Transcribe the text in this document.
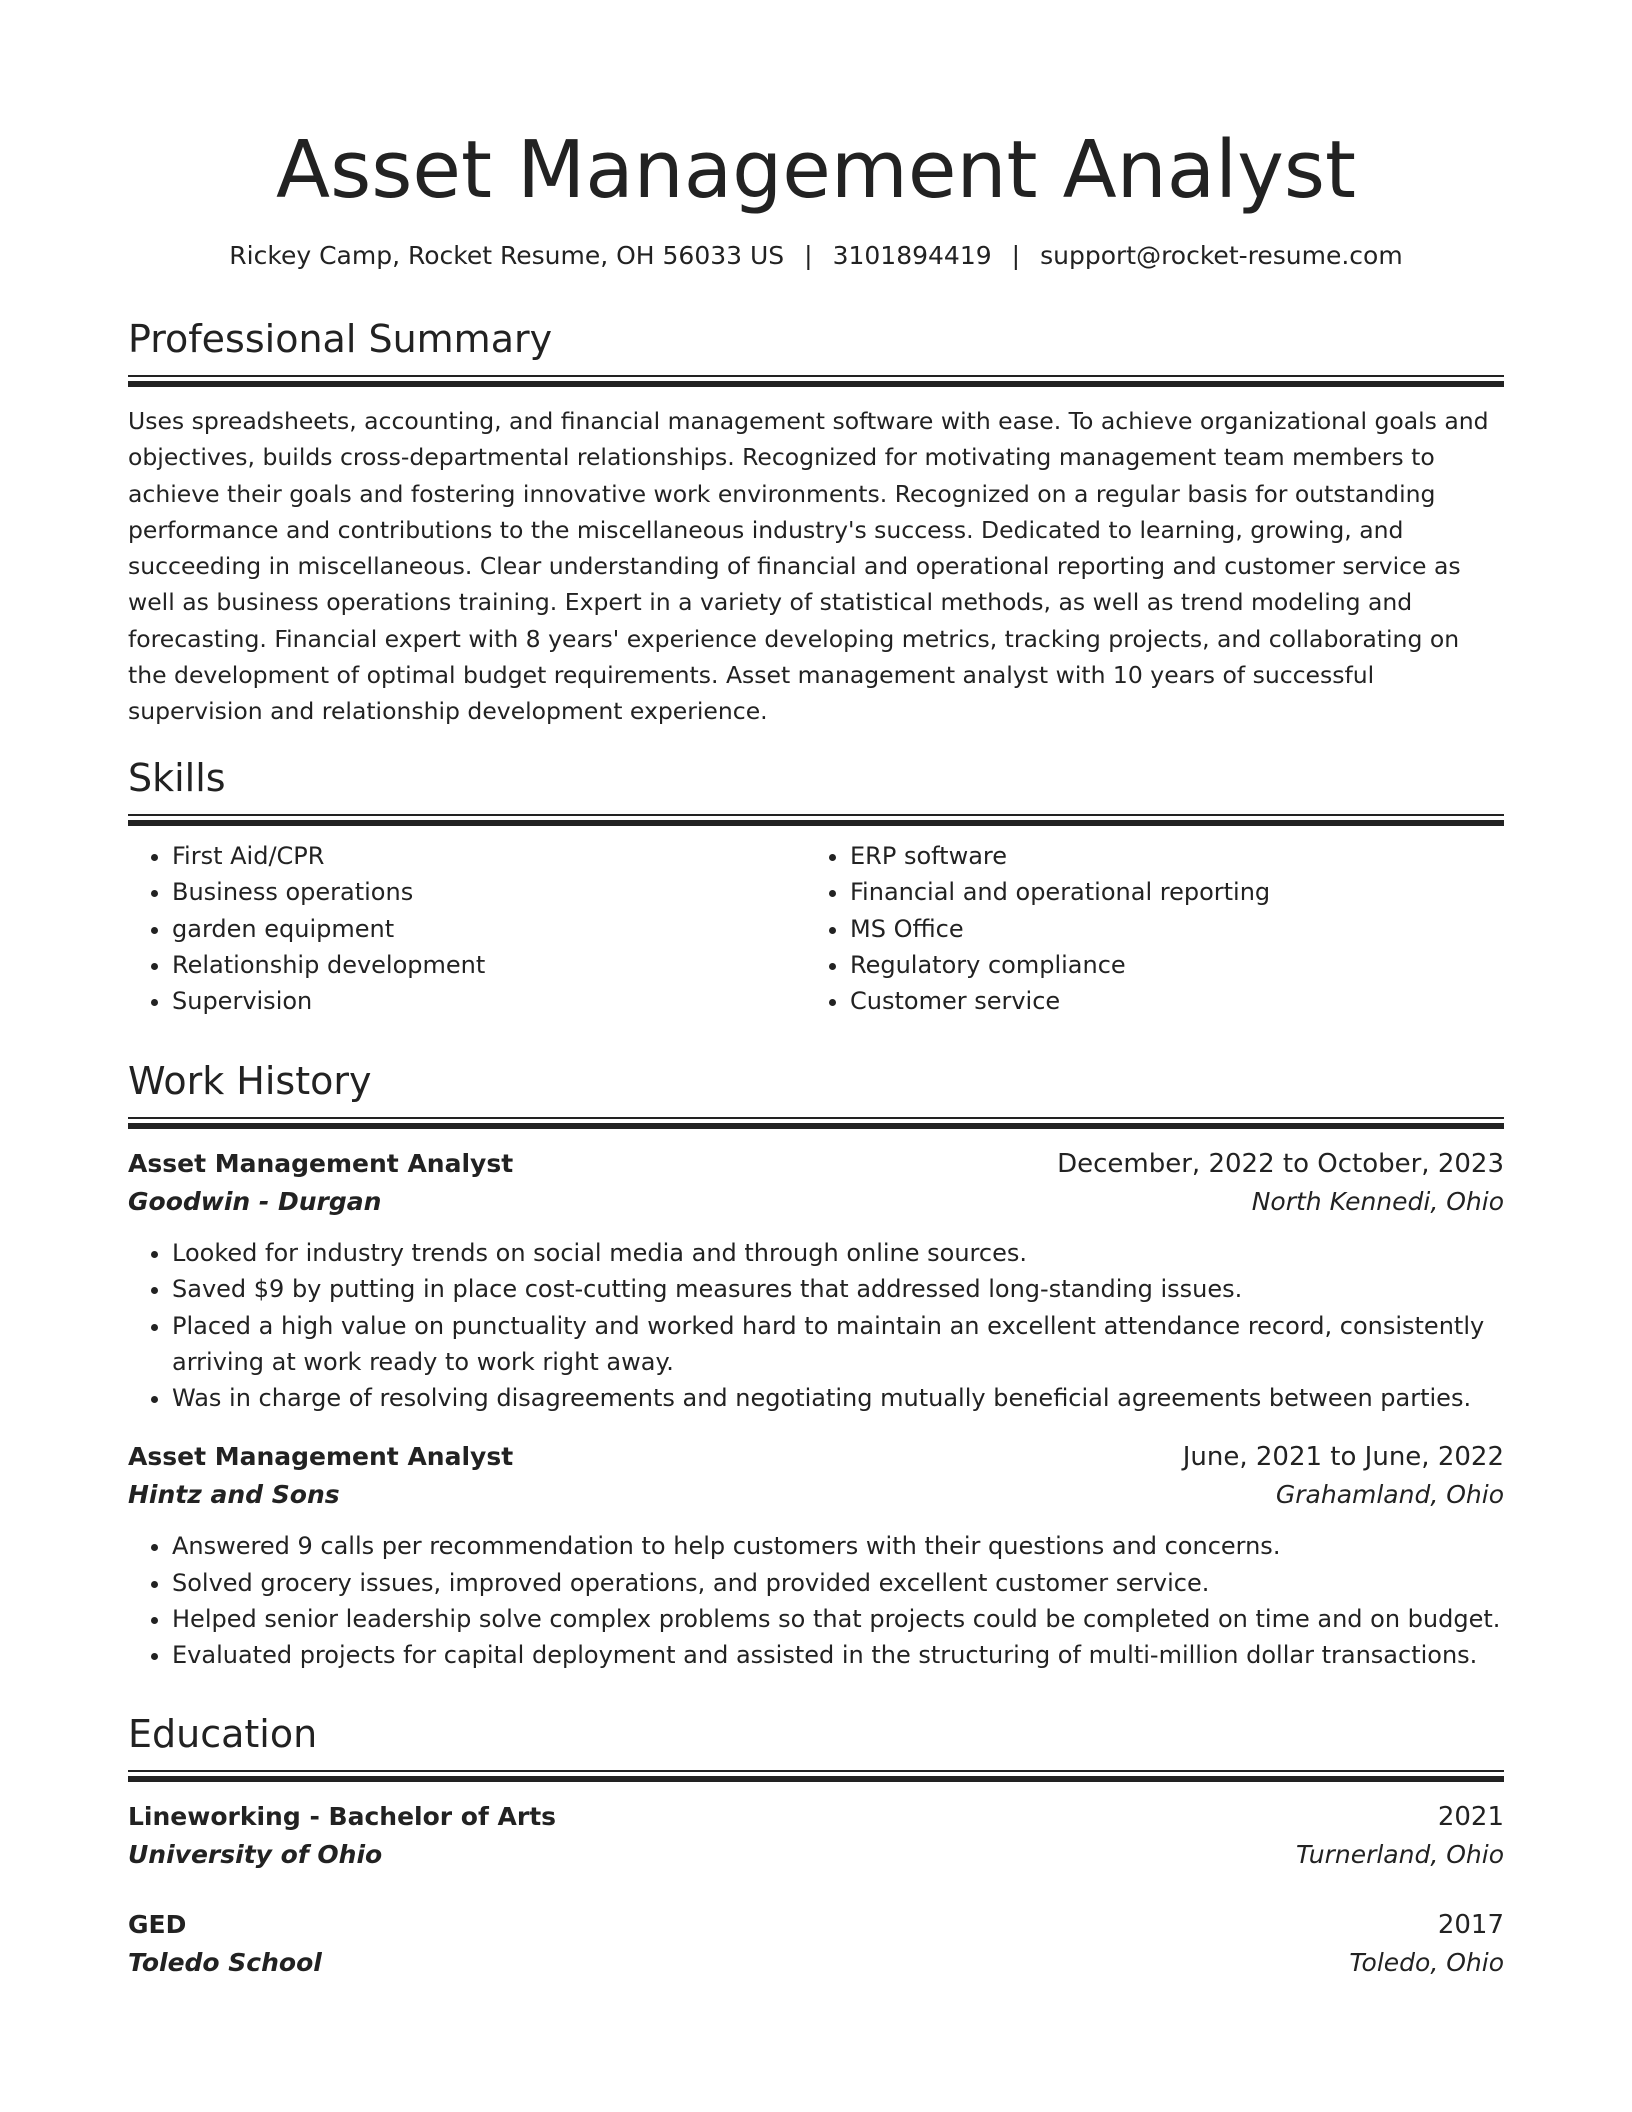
Asset Management Analyst
Rickey Camp, Rocket Resume, OH 56033 US | 3101894419 | support@rocket-resume.com
Professional Summary

Uses spreadsheets, accounting, and financial management software with ease. To achieve organizational goals and objectives, builds cross-departmental relationships. Recognized for motivating management team members to achieve their goals and fostering innovative work environments. Recognized on a regular basis for outstanding performance and contributions to the miscellaneous industry's success. Dedicated to learning, growing, and succeeding in miscellaneous. Clear understanding of financial and operational reporting and customer service as well as business operations training. Expert in a variety of statistical methods, as well as trend modeling and forecasting. Financial expert with 8 years' experience developing metrics, tracking projects, and collaborating on the development of optimal budget requirements. Asset management analyst with 10 years of successful supervision and relationship development experience.

Skills
• First Aid/CPR
• Business operations
• garden equipment
• Relationship development
• Supervision
• ERP software
• Financial and operational reporting
• MS Office
• Regulatory compliance
• Customer service
Work History
Asset Management Analyst	December, 2022 to October, 2023
Goodwin - Durgan	North Kennedi, Ohio
• Looked for industry trends on social media and through online sources.
• Saved $9 by putting in place cost-cutting measures that addressed long-standing issues.
• Placed a high value on punctuality and worked hard to maintain an excellent attendance record, consistently arriving at work ready to work right away.
• Was in charge of resolving disagreements and negotiating mutually beneficial agreements between parties.
Asset Management Analyst	June, 2021 to June, 2022
Hintz and Sons	Grahamland, Ohio
• Answered 9 calls per recommendation to help customers with their questions and concerns.
• Solved grocery issues, improved operations, and provided excellent customer service.
• Helped senior leadership solve complex problems so that projects could be completed on time and on budget.
• Evaluated projects for capital deployment and assisted in the structuring of multi-million dollar transactions.
Education
Lineworking - Bachelor of Arts	2021
University of Ohio	Turnerland, Ohio
GED	2017
Toledo School	Toledo, Ohio
